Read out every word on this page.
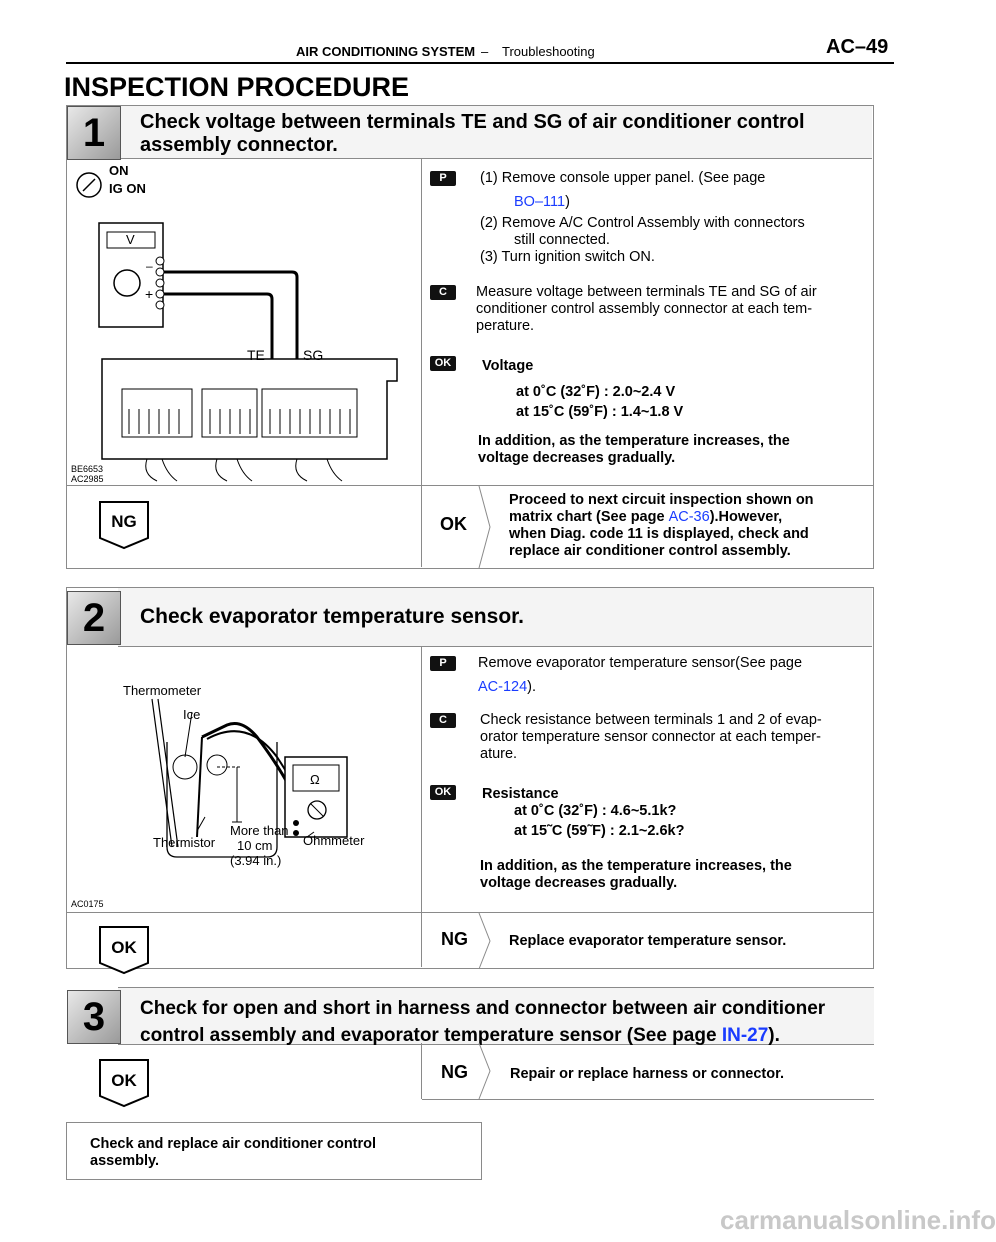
AIR CONDITIONING SYSTEM – Troubleshooting	AC–49
INSPECTION PROCEDURE
1	Check voltage between terminals TE and SG of air conditioner control
assembly connector.
–
+
ON
IG ON
V
TE	SG
BE6653
AC2985
P	(1) Remove console upper panel. (See page
BO–111)
(2) Remove A/C Control Assembly with connectors
still connected.
(3) Turn ignition switch ON.
C	Measure voltage between terminals TE and SG of air
conditioner control assembly connector at each tem-
perature.
OK	Voltage
at 0˚C (32˚F) : 2.0~2.4 V
at 15˚C (59˚F) : 1.4~1.8 V
In addition, as the temperature increases, the
voltage decreases gradually.
NG	OK
Proceed to next circuit inspection shown on
matrix chart (See page AC-36).However,
when Diag. code 11 is displayed, check and
replace air conditioner control assembly.
2	Check evaporator temperature sensor.
Ω
Thermometer
Ice
Thermistor
More than
10 cm
(3.94 in.)
Ohmmeter
AC0175
P	Remove evaporator temperature sensor(See page
AC-124).
C	Check resistance between terminals 1 and 2 of evap-
orator temperature sensor connector at each temper-
ature.
OK	Resistance
at 0˚C (32˚F) : 4.6~5.1k?
at 15˜C (59˜F) : 2.1~2.6k?
In addition, as the temperature increases, the
voltage decreases gradually.
OK	NG	Replace evaporator temperature sensor.
3	Check for open and short in harness and connector between air conditioner
control assembly and evaporator temperature sensor (See page IN-27).
OK	NG	Repair or replace harness or connector.
Check and replace air conditioner control
assembly.
carmanualsonline.info
